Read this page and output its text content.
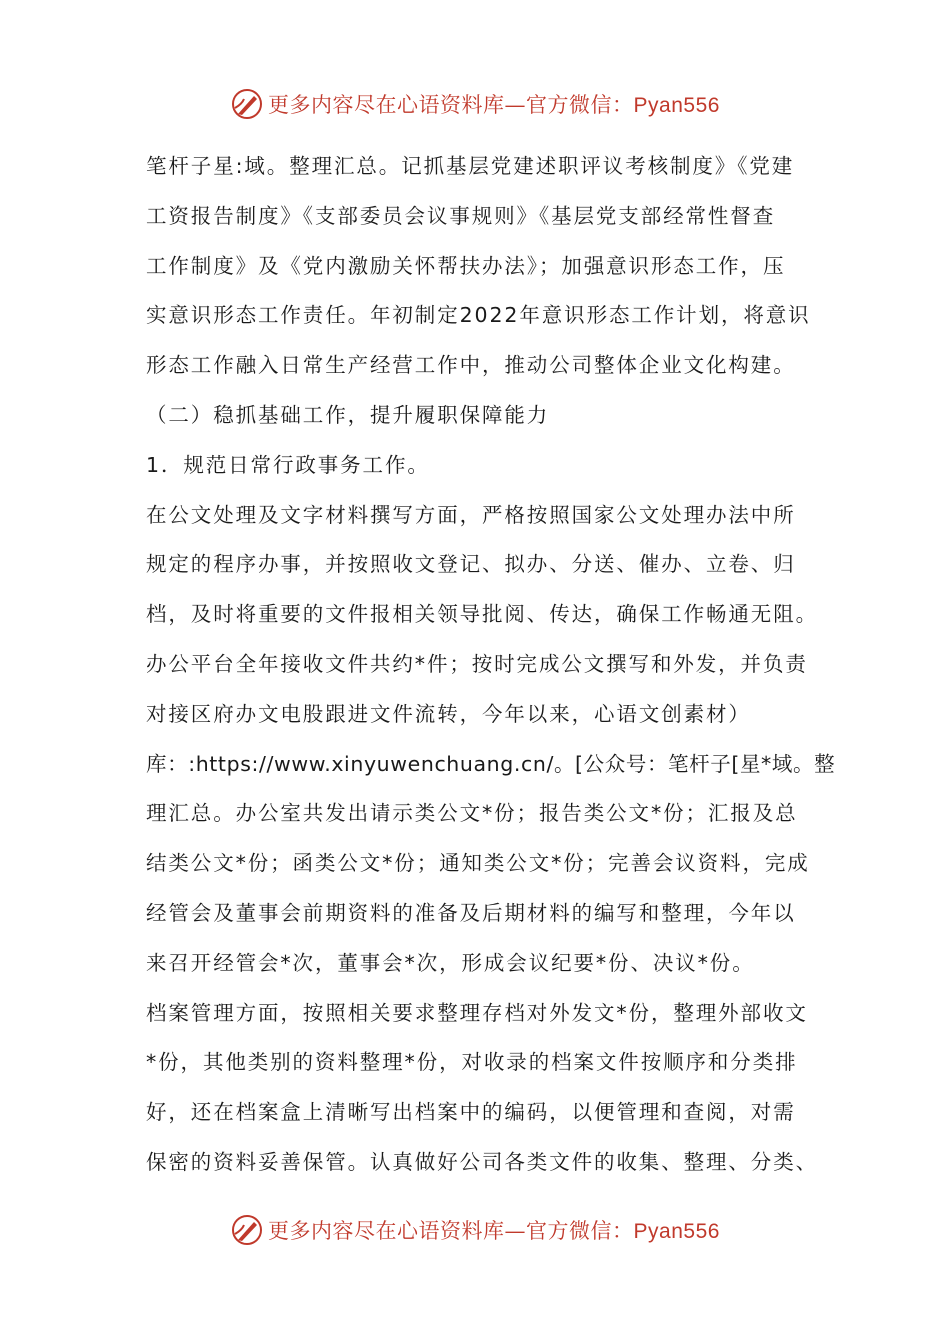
更多内容尽在心语资料库—官方微信：Pyan556
笔杆子星:域。整理汇总。记抓基层党建述职评议考核制度》《党建
工资报告制度》《支部委员会议事规则》《基层党支部经常性督查
工作制度》及《党内激励关怀帮扶办法》；加强意识形态工作，压
实意识形态工作责任。年初制定2022年意识形态工作计划，将意识
形态工作融入日常生产经营工作中，推动公司整体企业文化构建。
（二）稳抓基础工作，提升履职保障能力
1．规范日常行政事务工作。
在公文处理及文字材料撰写方面，严格按照国家公文处理办法中所
规定的程序办事，并按照收文登记、拟办、分送、催办、立卷、归
档，及时将重要的文件报相关领导批阅、传达，确保工作畅通无阻。
办公平台全年接收文件共约*件；按时完成公文撰写和外发，并负责
对接区府办文电股跟进文件流转，今年以来，心语文创素材）
库：:https://www.xinyuwenchuang.cn/。[公众号：笔杆子[星*域。整
理汇总。办公室共发出请示类公文*份；报告类公文*份；汇报及总
结类公文*份；函类公文*份；通知类公文*份；完善会议资料，完成
经管会及董事会前期资料的准备及后期材料的编写和整理，今年以
来召开经管会*次，董事会*次，形成会议纪要*份、决议*份。
档案管理方面，按照相关要求整理存档对外发文*份，整理外部收文
*份，其他类别的资料整理*份，对收录的档案文件按顺序和分类排
好，还在档案盒上清晰写出档案中的编码，以便管理和查阅，对需
保密的资料妥善保管。认真做好公司各类文件的收集、整理、分类、
更多内容尽在心语资料库—官方微信：Pyan556
